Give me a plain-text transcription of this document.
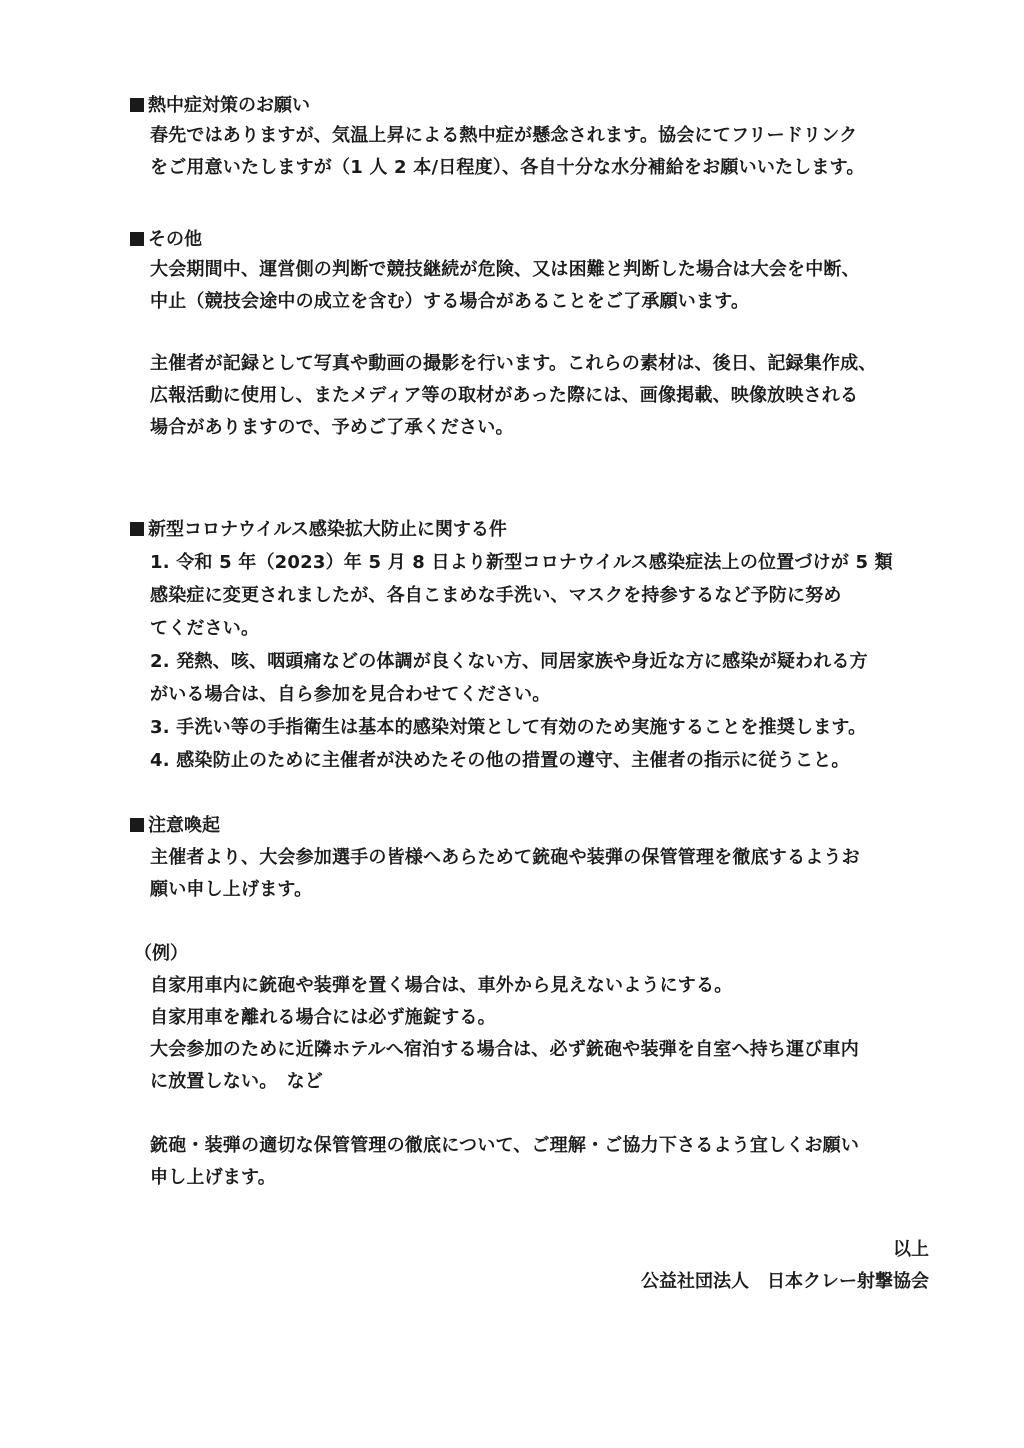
熱中症対策のお願い
春先ではありますが、気温上昇による熱中症が懸念されます。協会にてフリードリンク
をご用意いたしますが（1 人 2 本/日程度）、各自十分な水分補給をお願いいたします。
その他
大会期間中、運営側の判断で競技継続が危険、又は困難と判断した場合は大会を中断、
中止（競技会途中の成立を含む）する場合があることをご了承願います。
主催者が記録として写真や動画の撮影を行います。これらの素材は、後日、記録集作成、
広報活動に使用し、またメディア等の取材があった際には、画像掲載、映像放映される
場合がありますので、予めご了承ください。
新型コロナウイルス感染拡大防止に関する件
1. 令和 5 年（2023）年 5 月 8 日より新型コロナウイルス感染症法上の位置づけが 5 類
感染症に変更されましたが、各自こまめな手洗い、マスクを持参するなど予防に努め
てください。
2. 発熱、咳、咽頭痛などの体調が良くない方、同居家族や身近な方に感染が疑われる方
がいる場合は、自ら参加を見合わせてください。
3. 手洗い等の手指衛生は基本的感染対策として有効のため実施することを推奨します。
4. 感染防止のために主催者が決めたその他の措置の遵守、主催者の指示に従うこと。
注意喚起
主催者より、大会参加選手の皆様へあらためて銃砲や装弾の保管管理を徹底するようお
願い申し上げます。
（例）
自家用車内に銃砲や装弾を置く場合は、車外から見えないようにする。
自家用車を離れる場合には必ず施錠する。
大会参加のために近隣ホテルへ宿泊する場合は、必ず銃砲や装弾を自室へ持ち運び車内
に放置しない。　など
銃砲・装弾の適切な保管管理の徹底について、ご理解・ご協力下さるよう宜しくお願い
申し上げます。
以上
公益社団法人　日本クレー射撃協会
